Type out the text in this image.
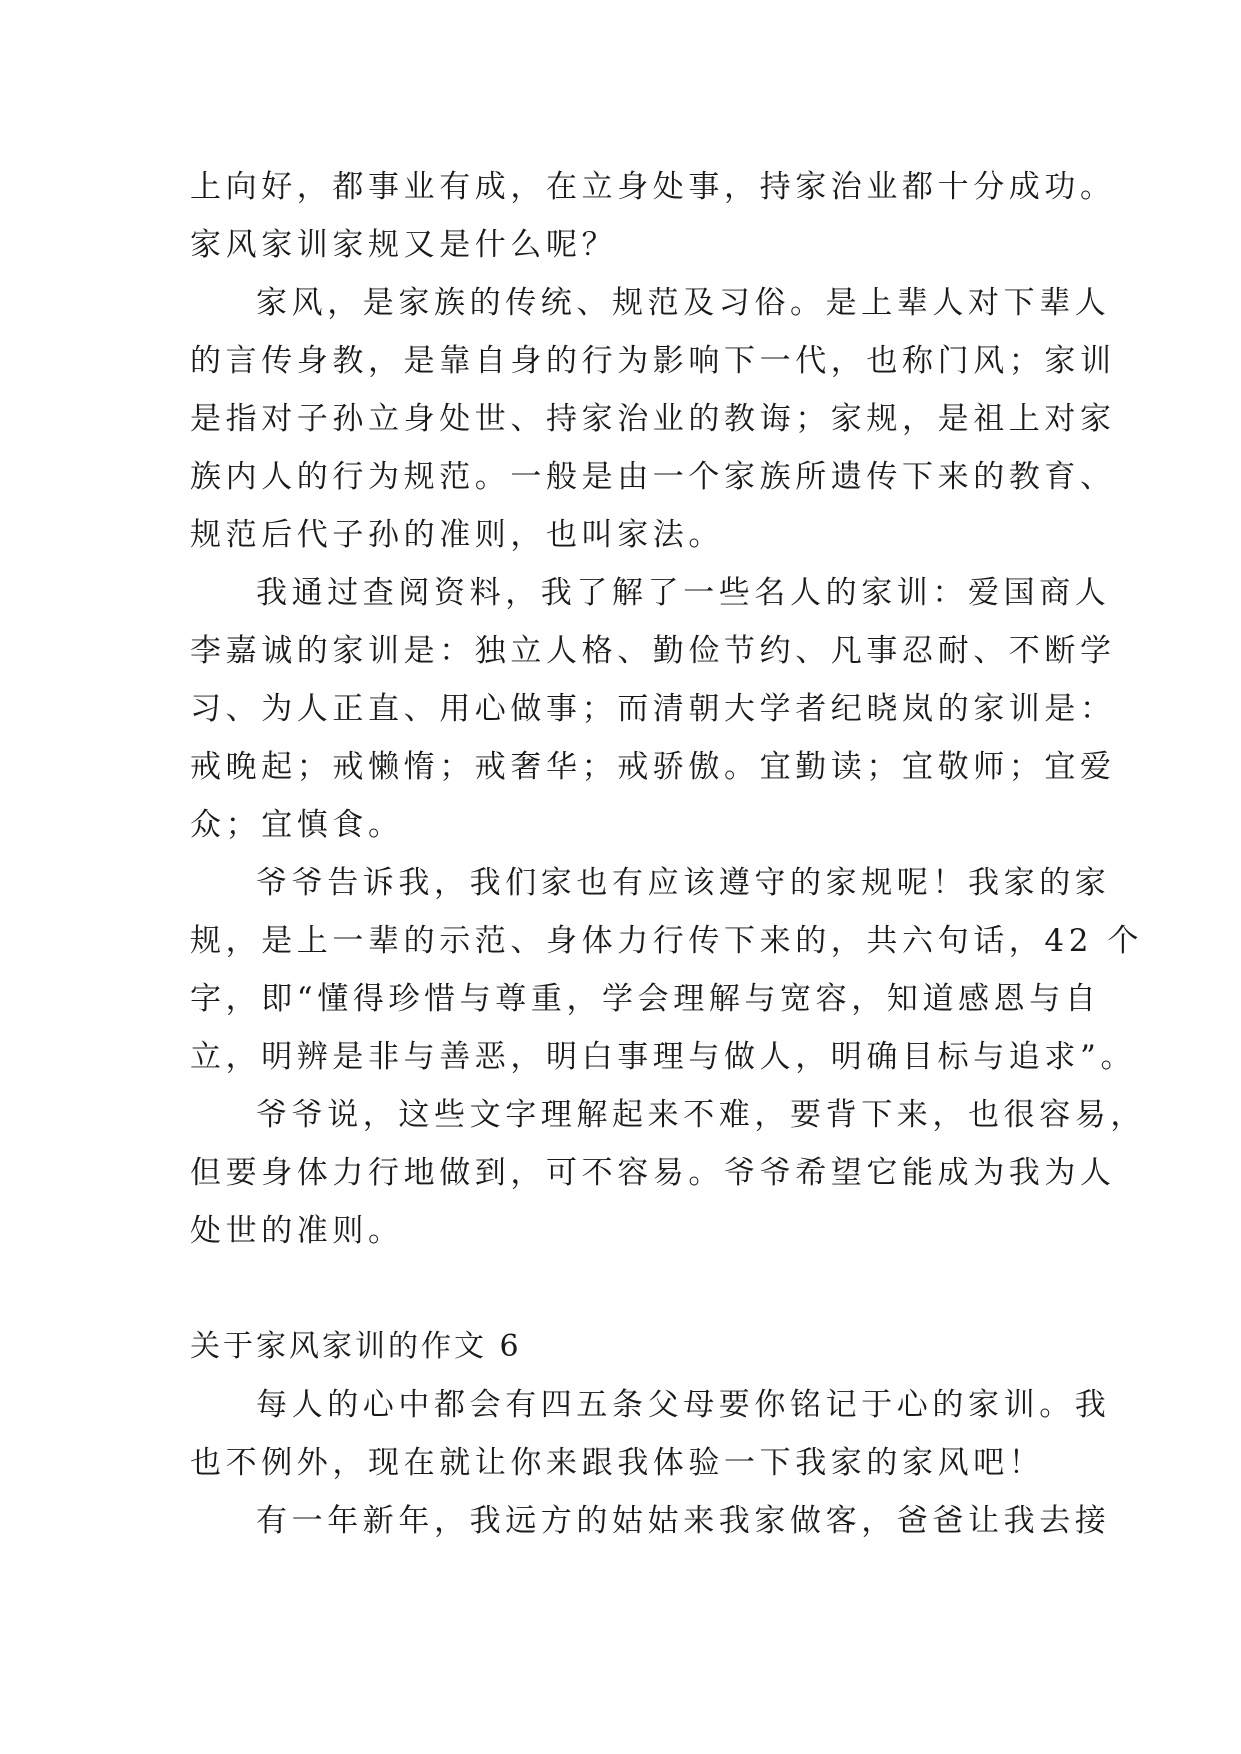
上向好，都事业有成，在立身处事，持家治业都十分成功。
家风家训家规又是什么呢？
家风，是家族的传统、规范及习俗。是上辈人对下辈人
的言传身教，是靠自身的行为影响下一代，也称门风；家训
是指对子孙立身处世、持家治业的教诲；家规，是祖上对家
族内人的行为规范。一般是由一个家族所遗传下来的教育、
规范后代子孙的准则，也叫家法。
我通过查阅资料，我了解了一些名人的家训：爱国商人
李嘉诚的家训是：独立人格、勤俭节约、凡事忍耐、不断学
习、为人正直、用心做事；而清朝大学者纪晓岚的家训是：
戒晚起；戒懒惰；戒奢华；戒骄傲。宜勤读；宜敬师；宜爱
众；宜慎食。
爷爷告诉我，我们家也有应该遵守的家规呢！我家的家
规，是上一辈的示范、身体力行传下来的，共六句话，42 个
字，即“懂得珍惜与尊重，学会理解与宽容，知道感恩与自
立，明辨是非与善恶，明白事理与做人，明确目标与追求”。
爷爷说，这些文字理解起来不难，要背下来，也很容易，
但要身体力行地做到，可不容易。爷爷希望它能成为我为人
处世的准则。
关于家风家训的作文 6
每人的心中都会有四五条父母要你铭记于心的家训。我
也不例外，现在就让你来跟我体验一下我家的家风吧！
有一年新年，我远方的姑姑来我家做客，爸爸让我去接
